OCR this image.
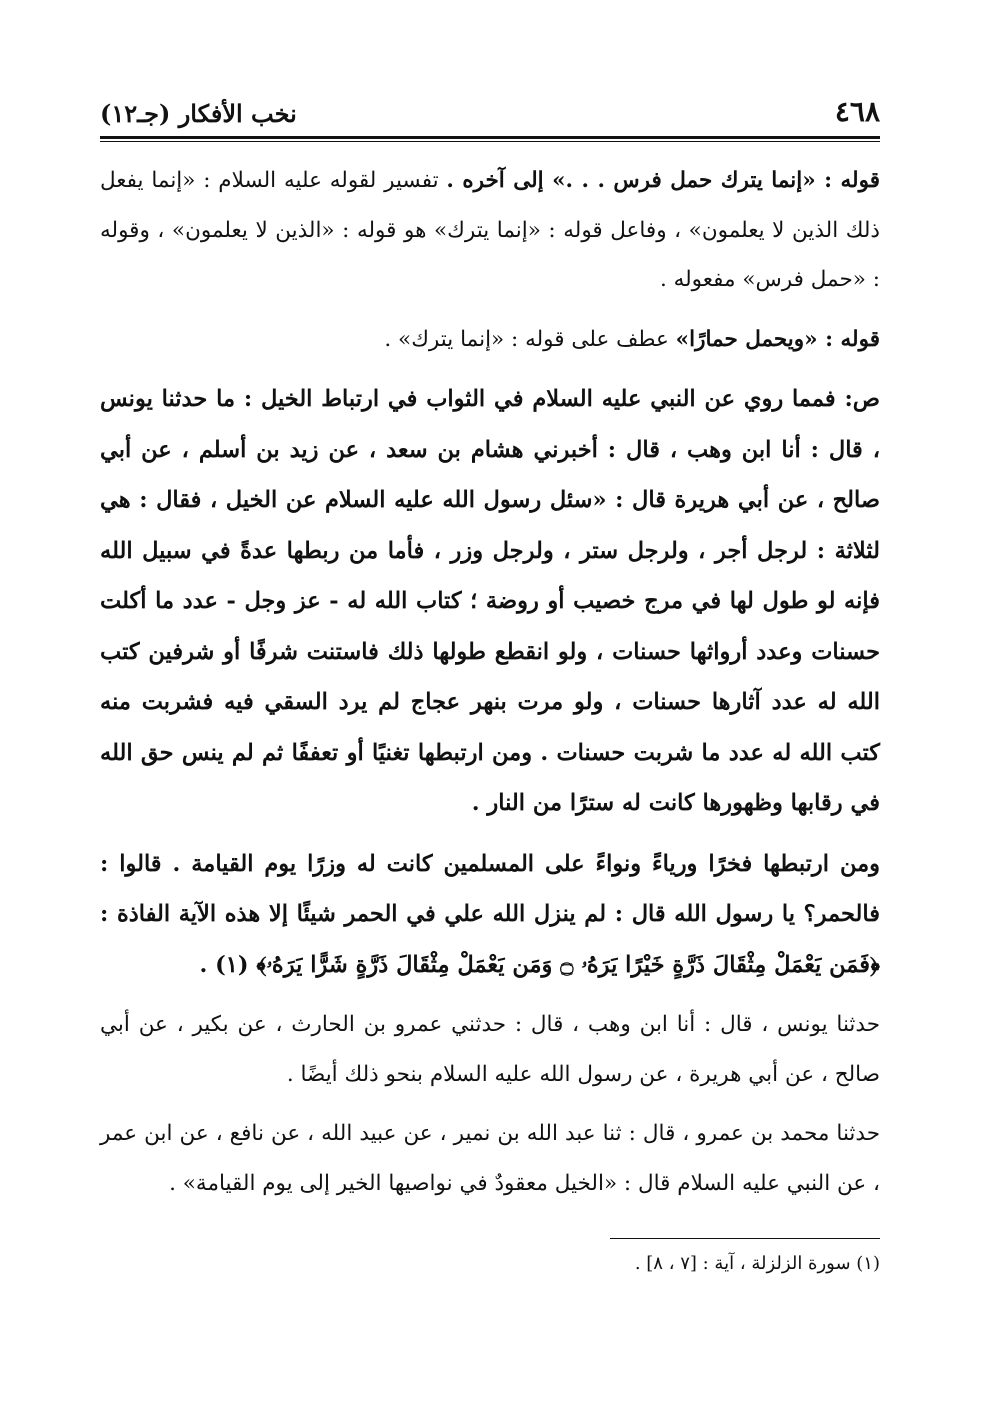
٤٦٨
نخب الأفكار (جـ١٢)

قوله : «إنما يترك حمل فرس . . .» إلى آخره . تفسير لقوله عليه السلام : «إنما يفعل ذلك الذين لا يعلمون» ، وفاعل قوله : «إنما يترك» هو قوله : «الذين لا يعلمون» ، وقوله : «حمل فرس» مفعوله .

قوله : «ويحمل حمارًا» عطف على قوله : «إنما يترك» .

ص: فمما روي عن النبي عليه السلام في الثواب في ارتباط الخيل : ما حدثنا يونس ، قال : أنا ابن وهب ، قال : أخبرني هشام بن سعد ، عن زيد بن أسلم ، عن أبي صالح ، عن أبي هريرة قال : «سئل رسول الله عليه السلام عن الخيل ، فقال : هي لثلاثة : لرجل أجر ، ولرجل ستر ، ولرجل وزر ، فأما من ربطها عدةً في سبيل الله فإنه لو طول لها في مرج خصيب أو روضة ؛ كتاب الله له - عز وجل - عدد ما أكلت حسنات وعدد أرواثها حسنات ، ولو انقطع طولها ذلك فاستنت شرفًا أو شرفين كتب الله له عدد آثارها حسنات ، ولو مرت بنهر عجاج لم يرد السقي فيه فشربت منه كتب الله له عدد ما شربت حسنات . ومن ارتبطها تغنيًا أو تعففًا ثم لم ينس حق الله في رقابها وظهورها كانت له سترًا من النار .

ومن ارتبطها فخرًا ورياءً ونواءً على المسلمين كانت له وزرًا يوم القيامة . قالوا : فالحمر؟ يا رسول الله قال : لم ينزل الله علي في الحمر شيئًا إلا هذه الآية الفاذة : ﴿فَمَن يَعْمَلْ مِثْقَالَ ذَرَّةٍ خَيْرًا يَرَهُۥ ۝ وَمَن يَعْمَلْ مِثْقَالَ ذَرَّةٍ شَرًّا يَرَهُۥ﴾ (١) .

حدثنا يونس ، قال : أنا ابن وهب ، قال : حدثني عمرو بن الحارث ، عن بكير ، عن أبي صالح ، عن أبي هريرة ، عن رسول الله عليه السلام بنحو ذلك أيضًا .

حدثنا محمد بن عمرو ، قال : ثنا عبد الله بن نمير ، عن عبيد الله ، عن نافع ، عن ابن عمر ، عن النبي عليه السلام قال : «الخيل معقودٌ في نواصيها الخير إلى يوم القيامة» .

(١) سورة الزلزلة ، آية : [٧ ، ٨] .
